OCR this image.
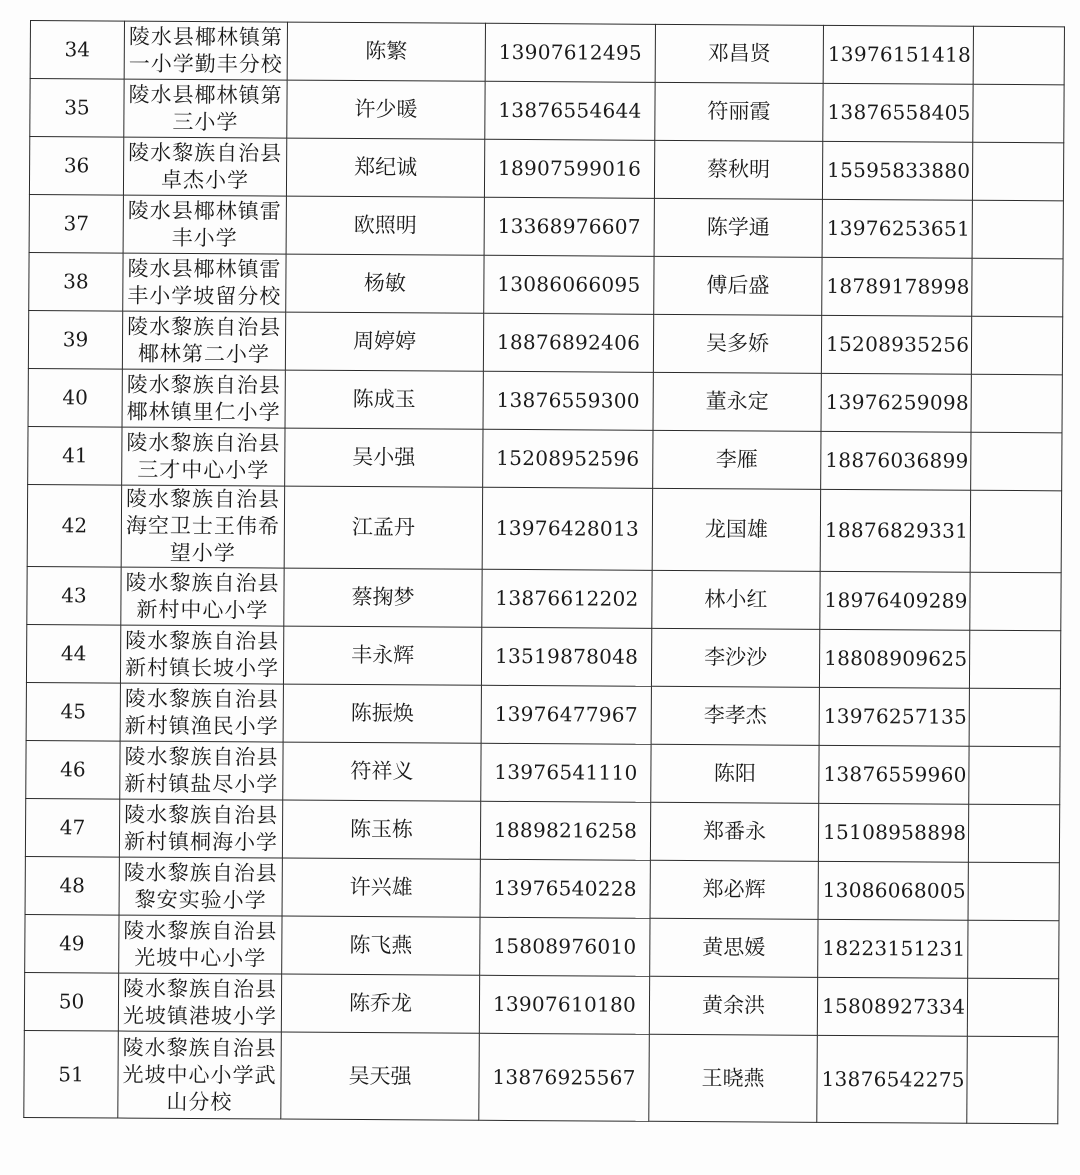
34	陵水县椰林镇第
一小学勤丰分校	陈繁	13907612495	邓昌贤	13976151418	
35	陵水县椰林镇第
三小学	许少暖	13876554644	符丽霞	13876558405	
36	陵水黎族自治县
卓杰小学	郑纪诚	18907599016	蔡秋明	15595833880	
37	陵水县椰林镇雷
丰小学	欧照明	13368976607	陈学通	13976253651	
38	陵水县椰林镇雷
丰小学坡留分校	杨敏	13086066095	傅后盛	18789178998	
39	陵水黎族自治县
椰林第二小学	周婷婷	18876892406	吴多娇	15208935256	
40	陵水黎族自治县
椰林镇里仁小学	陈成玉	13876559300	董永定	13976259098	
41	陵水黎族自治县
三才中心小学	吴小强	15208952596	李雁	18876036899	
42	陵水黎族自治县
海空卫士王伟希
望小学	江孟丹	13976428013	龙国雄	18876829331	
43	陵水黎族自治县
新村中心小学	蔡掬梦	13876612202	林小红	18976409289	
44	陵水黎族自治县
新村镇长坡小学	丰永辉	13519878048	李沙沙	18808909625	
45	陵水黎族自治县
新村镇渔民小学	陈振焕	13976477967	李孝杰	13976257135	
46	陵水黎族自治县
新村镇盐尽小学	符祥义	13976541110	陈阳	13876559960	
47	陵水黎族自治县
新村镇桐海小学	陈玉栋	18898216258	郑番永	15108958898	
48	陵水黎族自治县
黎安实验小学	许兴雄	13976540228	郑必辉	13086068005	
49	陵水黎族自治县
光坡中心小学	陈飞燕	15808976010	黄思媛	18223151231	
50	陵水黎族自治县
光坡镇港坡小学	陈乔龙	13907610180	黄余洪	15808927334	
51	陵水黎族自治县
光坡中心小学武
山分校	吴天强	13876925567	王晓燕	13876542275	
